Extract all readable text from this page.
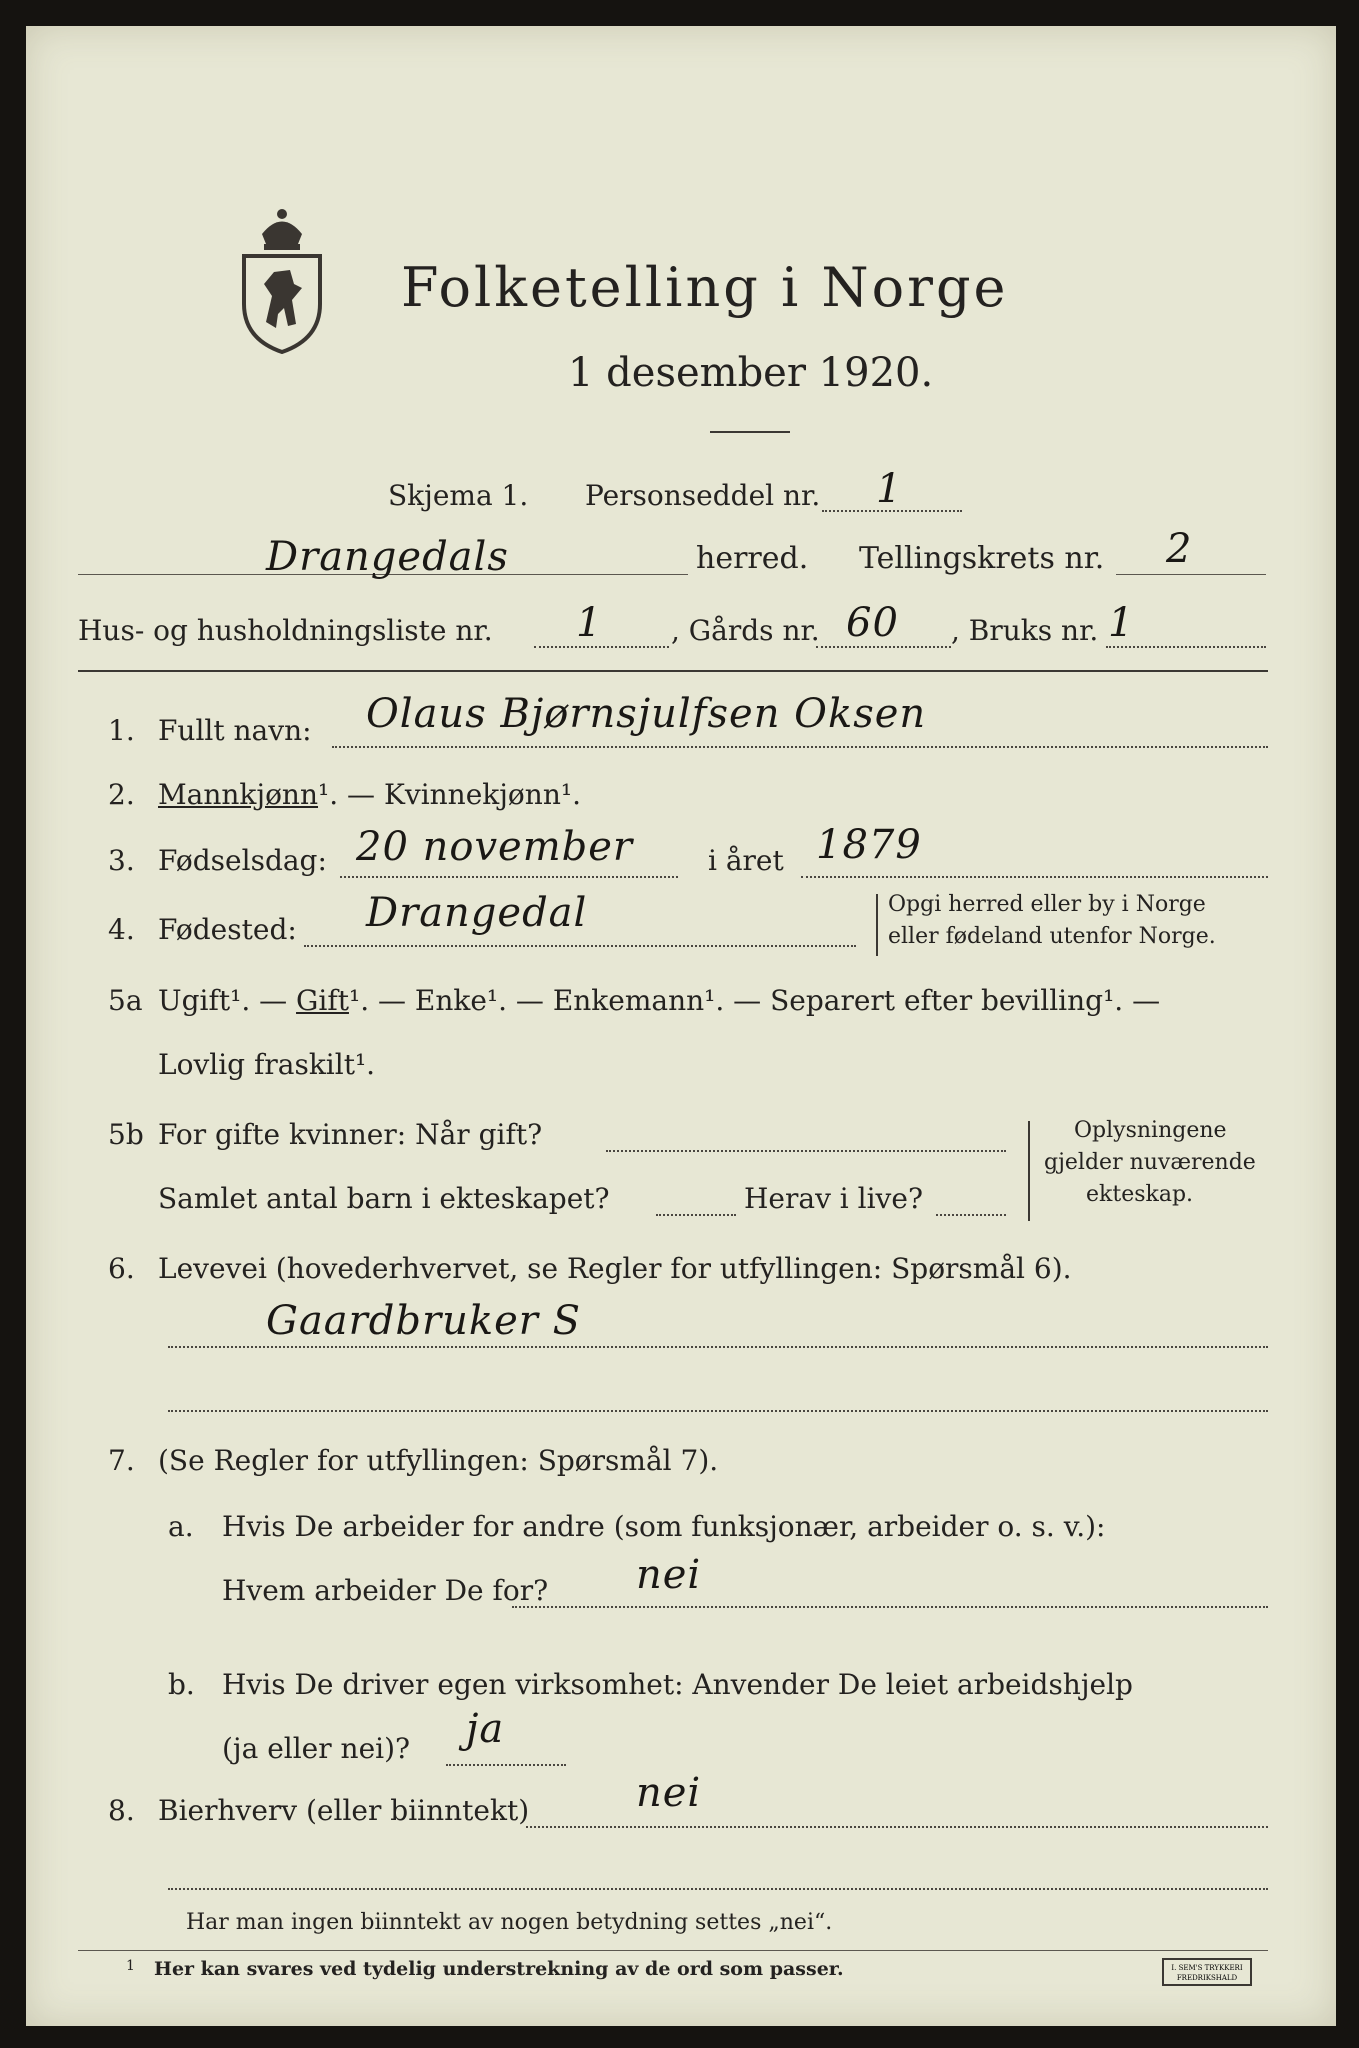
Folketelling i Norge
1 desember 1920.
Skjema 1. Personseddel nr. 1
Drangedals	herred. Tellingskrets nr. 2
Hus- og husholdningsliste nr. 1 , Gårds nr. 60 , Bruks nr. 1
1. Fullt navn: Olaus Bjørnsjulfsen Oksen
2. Mannkjønn¹. — Kvinnekjønn¹.
3. Fødselsdag: 20 november	i året 1879
4. Fødested: Drangedal	Opgi herred eller by i Norge
eller fødeland utenfor Norge.
5a Ugift¹. — Gift¹. — Enke¹. — Enkemann¹. — Separert efter bevilling¹. —
Lovlig fraskilt¹.
5b For gifte kvinner: Når gift?
Samlet antal barn i ekteskapet?	Herav i live?
Oplysningene
gjelder nuværende
ekteskap.
6. Levevei (hovederhvervet, se Regler for utfyllingen: Spørsmål 6).
Gaardbruker S
7. (Se Regler for utfyllingen: Spørsmål 7).
a. Hvis De arbeider for andre (som funksjonær, arbeider o. s. v.):
Hvem arbeider De for? nei
b. Hvis De driver egen virksomhet: Anvender De leiet arbeidshjelp
(ja eller nei)? ja
8. Bierhverv (eller biinntekt)	nei
Har man ingen biinntekt av nogen betydning settes „nei“.
1 Her kan svares ved tydelig understrekning av de ord som passer.	I. SEM'S TRYKKERI
FREDRIKSHALD
